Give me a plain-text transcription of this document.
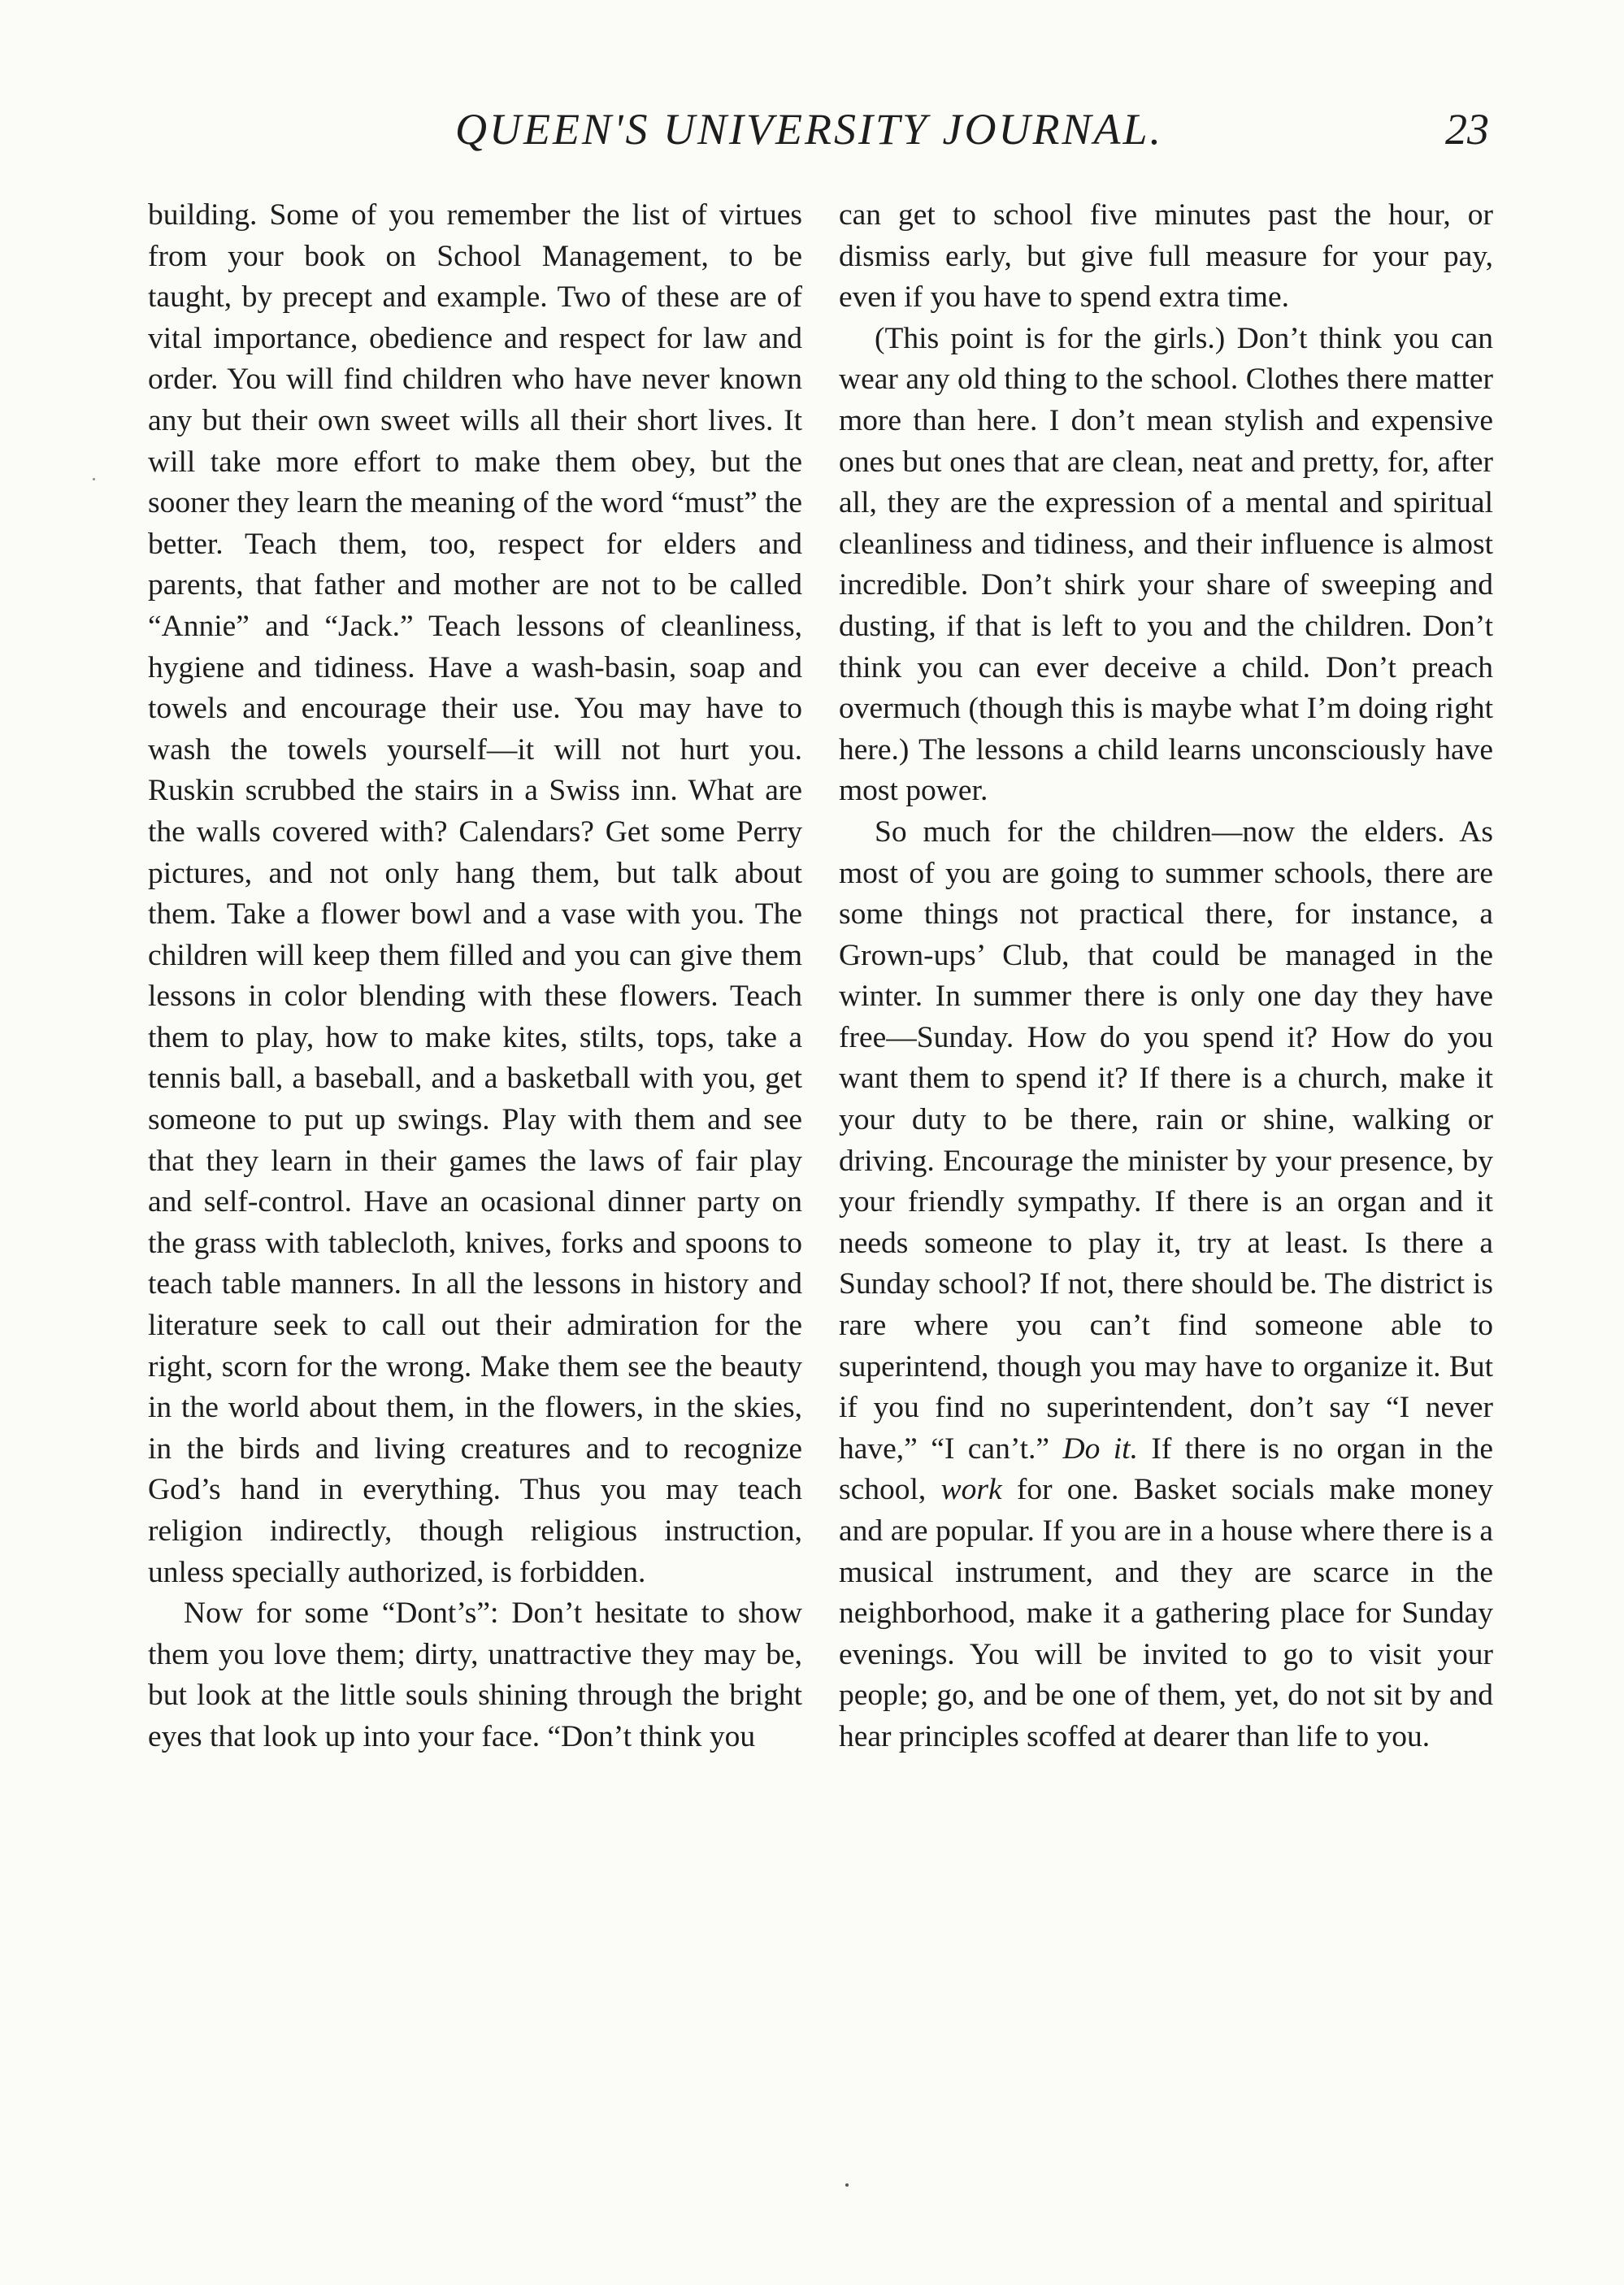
QUEEN'S UNIVERSITY JOURNAL.	23

building. Some of you remember the list of virtues from your book on School Management, to be taught, by precept and example. Two of these are of vital importance, obedience and respect for law and order. You will find children who have never known any but their own sweet wills all their short lives. It will take more effort to make them obey, but the sooner they learn the meaning of the word “must” the better. Teach them, too, respect for elders and parents, that father and mother are not to be called “Annie” and “Jack.” Teach lessons of cleanliness, hygiene and tidiness. Have a wash-basin, soap and towels and encourage their use. You may have to wash the towels yourself—it will not hurt you. Ruskin scrubbed the stairs in a Swiss inn. What are the walls covered with? Calendars? Get some Perry pictures, and not only hang them, but talk about them. Take a flower bowl and a vase with you. The children will keep them filled and you can give them lessons in color blending with these flowers. Teach them to play, how to make kites, stilts, tops, take a tennis ball, a baseball, and a basketball with you, get someone to put up swings. Play with them and see that they learn in their games the laws of fair play and self-control. Have an ocasional dinner party on the grass with tablecloth, knives, forks and spoons to teach table manners. In all the lessons in history and literature seek to call out their admiration for the right, scorn for the wrong. Make them see the beauty in the world about them, in the flowers, in the skies, in the birds and living creatures and to recognize God’s hand in everything. Thus you may teach religion indirectly, though religious instruction, unless specially authorized, is forbidden.

Now for some “Dont’s”: Don’t hesitate to show them you love them; dirty, unattractive they may be, but look at the little souls shining through the bright eyes that look up into your face. “Don’t think you

can get to school five minutes past the hour, or dismiss early, but give full measure for your pay, even if you have to spend extra time.

(This point is for the girls.) Don’t think you can wear any old thing to the school. Clothes there matter more than here. I don’t mean stylish and expensive ones but ones that are clean, neat and pretty, for, after all, they are the expression of a mental and spiritual cleanliness and tidiness, and their influence is almost incredible. Don’t shirk your share of sweeping and dusting, if that is left to you and the children. Don’t think you can ever deceive a child. Don’t preach overmuch (though this is maybe what I’m doing right here.) The lessons a child learns unconsciously have most power.

So much for the children—now the elders. As most of you are going to summer schools, there are some things not practical there, for instance, a Grown-ups’ Club, that could be managed in the winter. In summer there is only one day they have free—Sunday. How do you spend it? How do you want them to spend it? If there is a church, make it your duty to be there, rain or shine, walking or driving. Encourage the minister by your presence, by your friendly sympathy. If there is an organ and it needs someone to play it, try at least. Is there a Sunday school? If not, there should be. The district is rare where you can’t find someone able to superintend, though you may have to organize it. But if you find no superintendent, don’t say “I never have,” “I can’t.” Do it. If there is no organ in the school, work for one. Basket socials make money and are popular. If you are in a house where there is a musical instrument, and they are scarce in the neighborhood, make it a gathering place for Sunday evenings. You will be invited to go to visit your people; go, and be one of them, yet, do not sit by and hear principles scoffed at dearer than life to you.
